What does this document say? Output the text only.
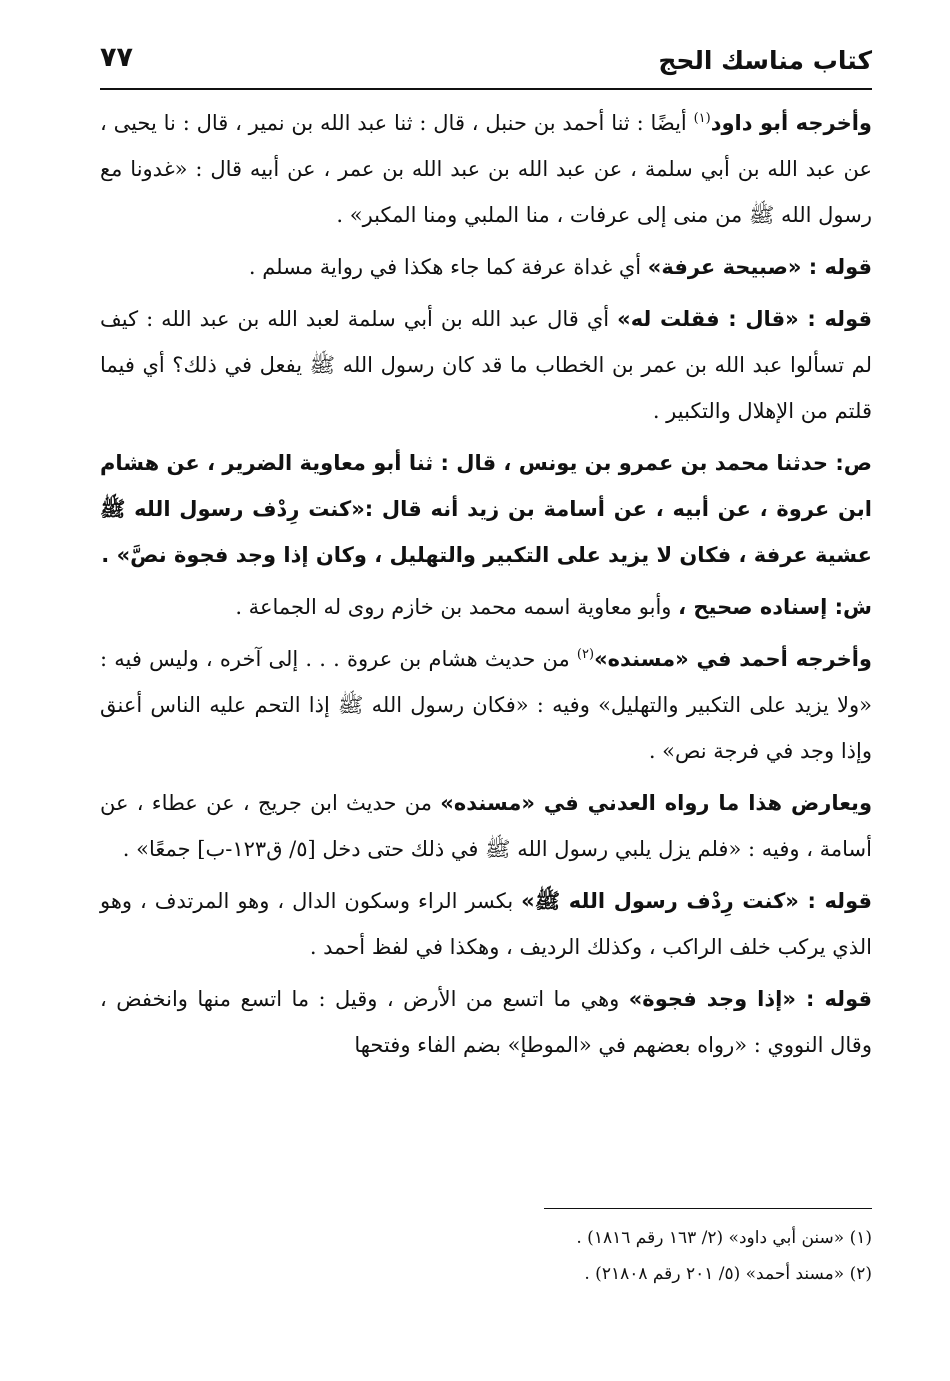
كتاب مناسك الحج
٧٧

وأخرجه أبو داود$^{(١)}$ أيضًا : ثنا أحمد بن حنبل ، قال : ثنا عبد الله بن نمير ، قال : نا يحيى ، عن عبد الله بن أبي سلمة ، عن عبد الله بن عبد الله بن عمر ، عن أبيه قال : «غدونا مع رسول الله ﷺ من منى إلى عرفات ، منا الملبي ومنا المكبر» .

قوله : «صبيحة عرفة» أي غداة عرفة كما جاء هكذا في رواية مسلم .

قوله : «قال : فقلت له» أي قال عبد الله بن أبي سلمة لعبد الله بن عبد الله : كيف لم تسألوا عبد الله بن عمر بن الخطاب ما قد كان رسول الله ﷺ يفعل في ذلك؟ أي فيما قلتم من الإهلال والتكبير .

ص: حدثنا محمد بن عمرو بن يونس ، قال : ثنا أبو معاوية الضرير ، عن هشام ابن عروة ، عن أبيه ، عن أسامة بن زيد أنه قال :«كنت رِدْف رسول الله ﷺ عشية عرفة ، فكان لا يزيد على التكبير والتهليل ، وكان إذا وجد فجوة نصَّ» .

ش: إسناده صحيح ، وأبو معاوية اسمه محمد بن خازم روى له الجماعة .

وأخرجه أحمد في «مسنده»$^{(٢)}$ من حديث هشام بن عروة . . . إلى آخره ، وليس فيه : «ولا يزيد على التكبير والتهليل» وفيه : «فكان رسول الله ﷺ إذا التحم عليه الناس أعنق وإذا وجد في فرجة نص» .

ويعارض هذا ما رواه العدني في «مسنده» من حديث ابن جريج ، عن عطاء ، عن أسامة ، وفيه : «فلم يزل يلبي رسول الله ﷺ في ذلك حتى دخل [٥/ ق١٢٣-ب] جمعًا» .

قوله : «كنت رِدْف رسول الله ﷺ» بكسر الراء وسكون الدال ، وهو المرتدف ، وهو الذي يركب خلف الراكب ، وكذلك الرديف ، وهكذا في لفظ أحمد .

قوله : «إذا وجد فجوة» وهي ما اتسع من الأرض ، وقيل : ما اتسع منها وانخفض ، وقال النووي : «رواه بعضهم في «الموطإ» بضم الفاء وفتحها

(١) «سنن أبي داود» (٢/ ١٦٣ رقم ١٨١٦) .

(٢) «مسند أحمد» (٥/ ٢٠١ رقم ٢١٨٠٨) .
